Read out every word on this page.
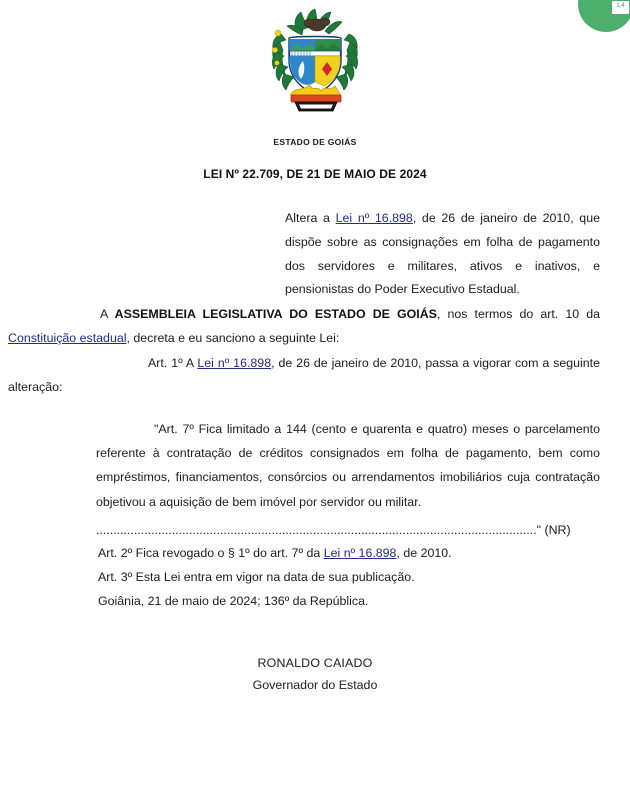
1,4
ESTADO DE GOIÁS
LEI Nº 22.709, DE 21 DE MAIO DE 2024
Altera a Lei nº 16.898, de 26 de janeiro de 2010, que dispõe sobre as consignações em folha de pagamento dos servidores e militares, ativos e inativos, e pensionistas do Poder Executivo Estadual.

A ASSEMBLEIA LEGISLATIVA DO ESTADO DE GOIÁS, nos termos do art. 10 da Constituição estadual, decreta e eu sanciono a seguinte Lei:

Art. 1º A Lei nº 16.898, de 26 de janeiro de 2010, passa a vigorar com a seguinte alteração:

"Art. 7º Fica limitado a 144 (cento e quarenta e quatro) meses o parcelamento referente à contratação de créditos consignados em folha de pagamento, bem como empréstimos, financiamentos, consórcios ou arrendamentos imobiliários cuja contratação objetivou a aquisição de bem imóvel por servidor ou militar.

................................................................................................................................" (NR)

Art. 2º Fica revogado o § 1º do art. 7º da Lei nº 16.898, de 2010.

Art. 3º Esta Lei entra em vigor na data de sua publicação.

Goiânia, 21 de maio de 2024; 136º da República.

RONALDO CAIADO
Governador do Estado
